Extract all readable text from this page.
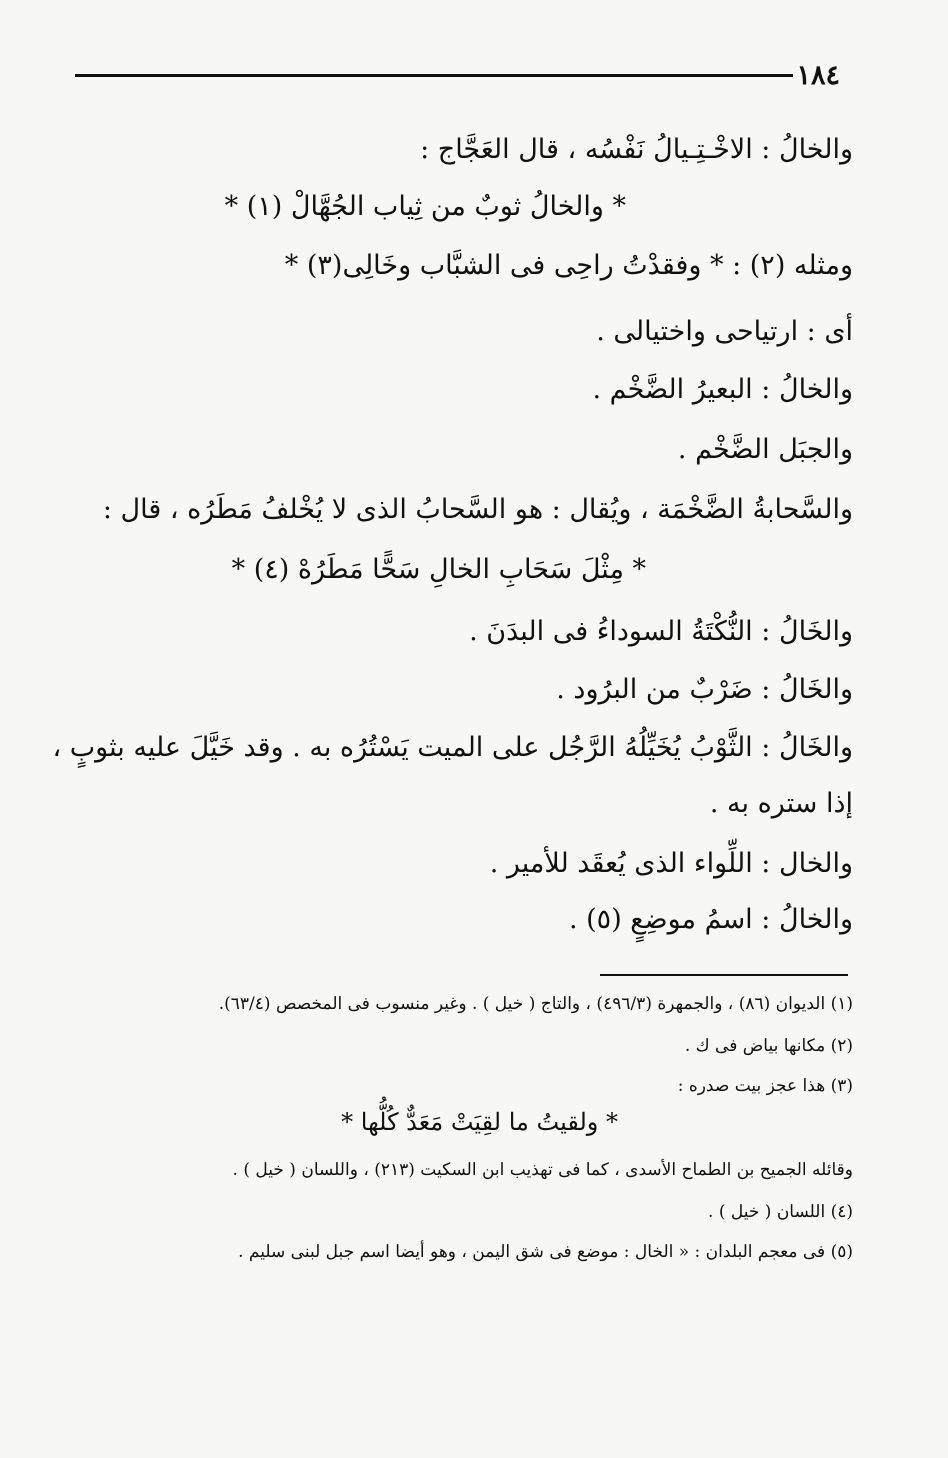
١٨٤
والخالُ : الاخْـتِـيالُ نَفْسُه ، قال العَجَّاج :
* والخالُ ثوبٌ من ثِياب الجُهَّالْ (١) *
ومثله (٢) : * وفقدْتُ راحِى فى الشبَّاب وخَالِى(٣) *
أى : ارتياحى واختيالى .
والخالُ : البعيرُ الضَّخْم .
والجبَل الضَّخْم .
والسَّحابةُ الضَّخْمَة ، ويُقال : هو السَّحابُ الذى لا يُخْلفُ مَطَرُه ، قال :
* مِثْلَ سَحَابِ الخالِ سَحًّا مَطَرُهْ (٤) *
والخَالُ : النُّكْتَةُ السوداءُ فى البدَنَ .
والخَالُ : ضَرْبٌ من البرُود .
والخَالُ : الثَّوْبُ يُخَيِّلُهُ الرَّجُل على الميت يَسْتُرُه به . وقد خَيَّلَ عليه بثوبٍ ،
إذا ستره به .
والخال : اللِّواء الذى يُعقَد للأمير .
والخالُ : اسمُ موضِعٍ (٥) .
(١) الديوان (٨٦) ، والجمهرة (٤٩٦/٣) ، والتاج ( خيل ) . وغير منسوب فى المخصص (٦٣/٤).
(٢) مكانها بياض فى ك .
(٣) هذا عجز بيت صدره :
* ولقيتُ ما لقِيَتْ مَعَدٌّ كُلُّها *
وقائله الجميح بن الطماح الأسدى ، كما فى تهذيب ابن السكيت (٢١٣) ، واللسان ( خيل ) .
(٤) اللسان ( خيل ) .
(٥) فى معجم البلدان : « الخال : موضع فى شق اليمن ، وهو أيضا اسم جبل لبنى سليم .
